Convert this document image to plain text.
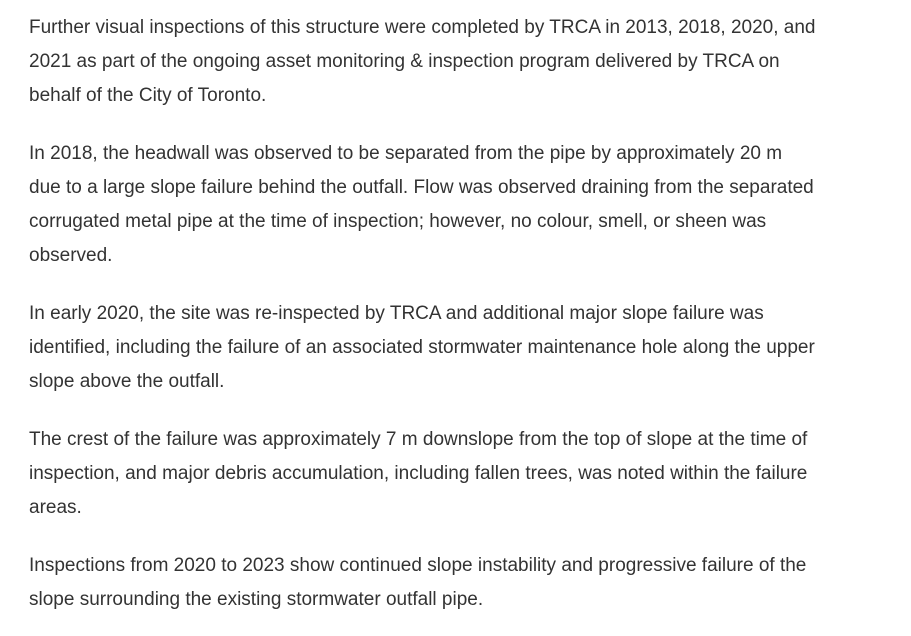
Further visual inspections of this structure were completed by TRCA in 2013, 2018, 2020, and 2021 as part of the ongoing asset monitoring & inspection program delivered by TRCA on behalf of the City of Toronto.

In 2018, the headwall was observed to be separated from the pipe by approximately 20 m due to a large slope failure behind the outfall. Flow was observed draining from the separated corrugated metal pipe at the time of inspection; however, no colour, smell, or sheen was observed.

In early 2020, the site was re-inspected by TRCA and additional major slope failure was identified, including the failure of an associated stormwater maintenance hole along the upper slope above the outfall.

The crest of the failure was approximately 7 m downslope from the top of slope at the time of inspection, and major debris accumulation, including fallen trees, was noted within the failure areas.

Inspections from 2020 to 2023 show continued slope instability and progressive failure of the slope surrounding the existing stormwater outfall pipe.
